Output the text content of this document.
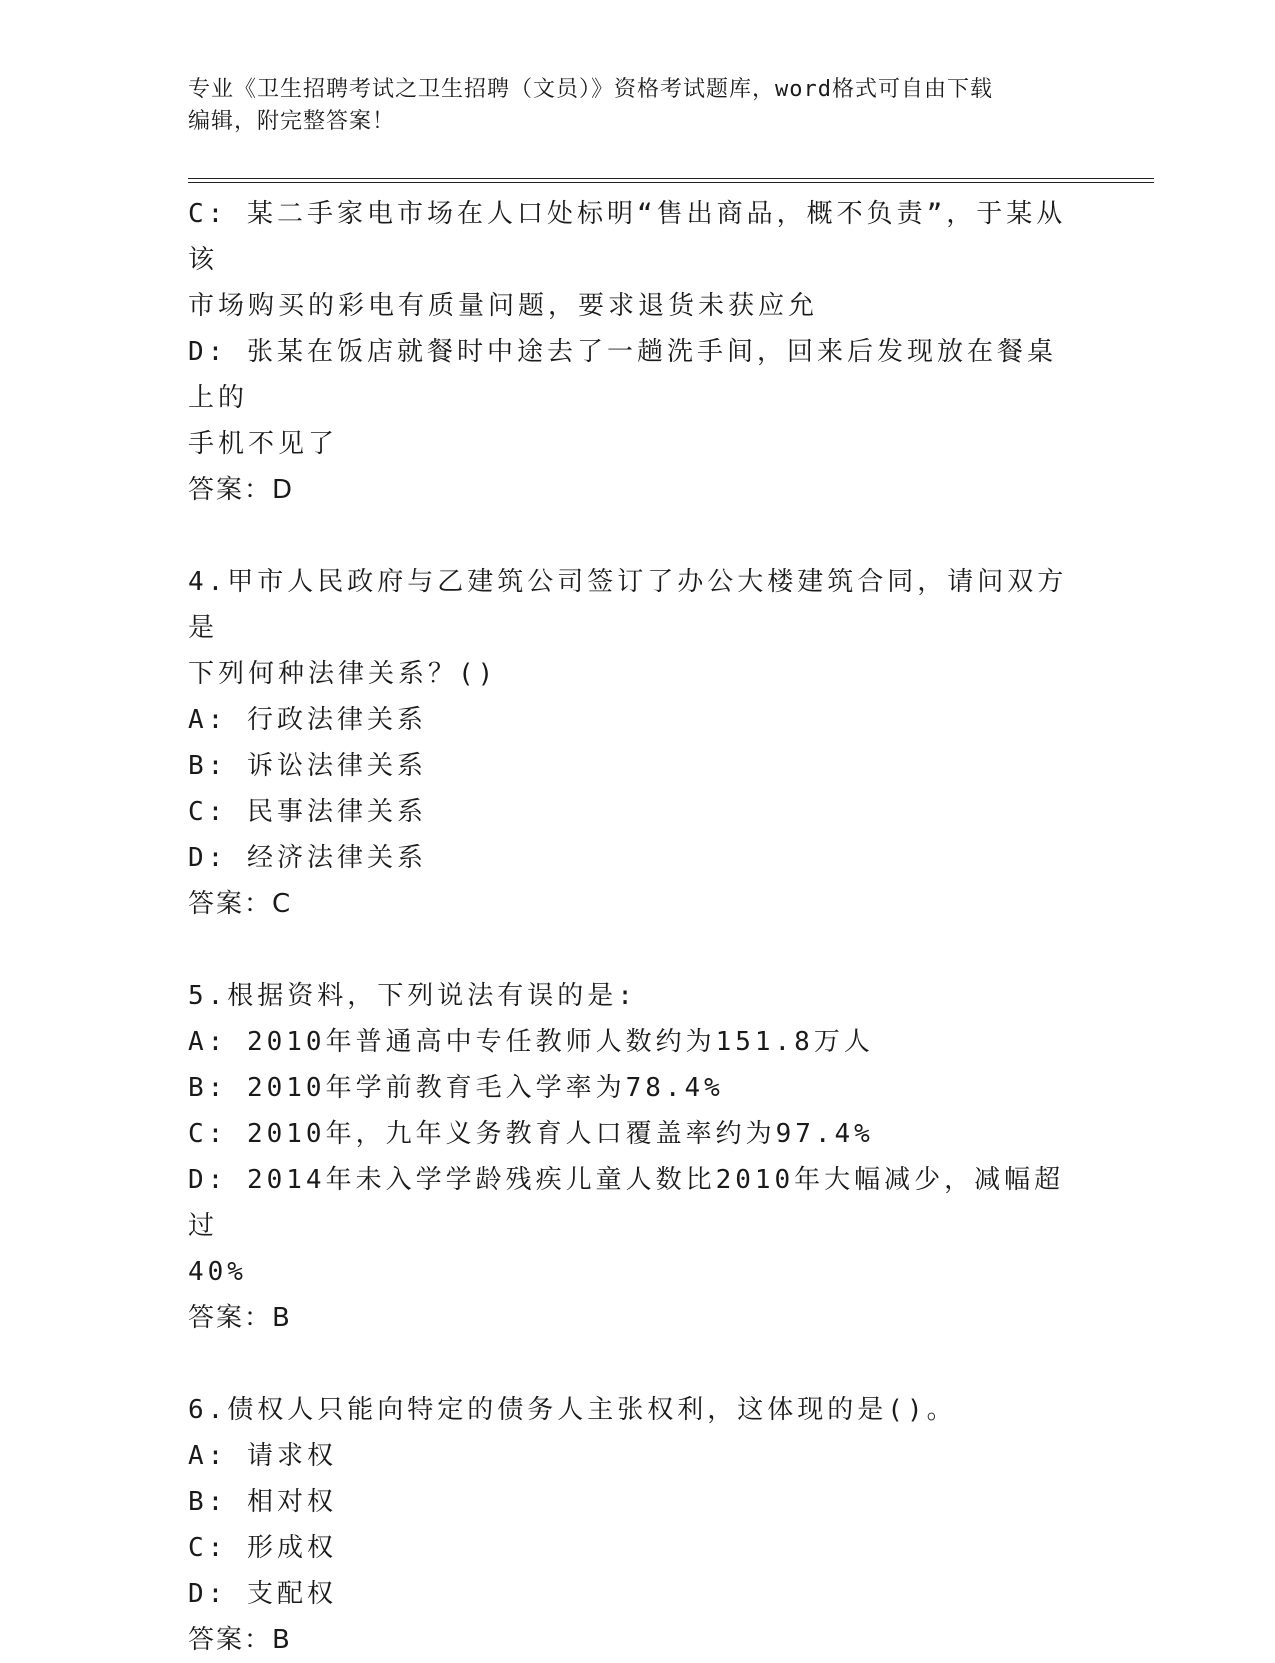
专业《卫生招聘考试之卫生招聘（文员）》资格考试题库，word格式可自由下载
编辑，附完整答案！
C: 某二手家电市场在人口处标明“售出商品，概不负责”，于某从该
市场购买的彩电有质量问题，要求退货未获应允
D: 张某在饭店就餐时中途去了一趟洗手间，回来后发现放在餐桌上的
手机不见了
答案：D
4.甲市人民政府与乙建筑公司签订了办公大楼建筑合同，请问双方是
下列何种法律关系？()
A: 行政法律关系
B: 诉讼法律关系
C: 民事法律关系
D: 经济法律关系
答案：C
5.根据资料，下列说法有误的是:
A: 2010年普通高中专任教师人数约为151.8万人
B: 2010年学前教育毛入学率为78.4%
C: 2010年，九年义务教育人口覆盖率约为97.4%
D: 2014年未入学学龄残疾儿童人数比2010年大幅减少，减幅超过
40%
答案：B
6.债权人只能向特定的债务人主张权利，这体现的是()。
A: 请求权
B: 相对权
C: 形成权
D: 支配权
答案：B
